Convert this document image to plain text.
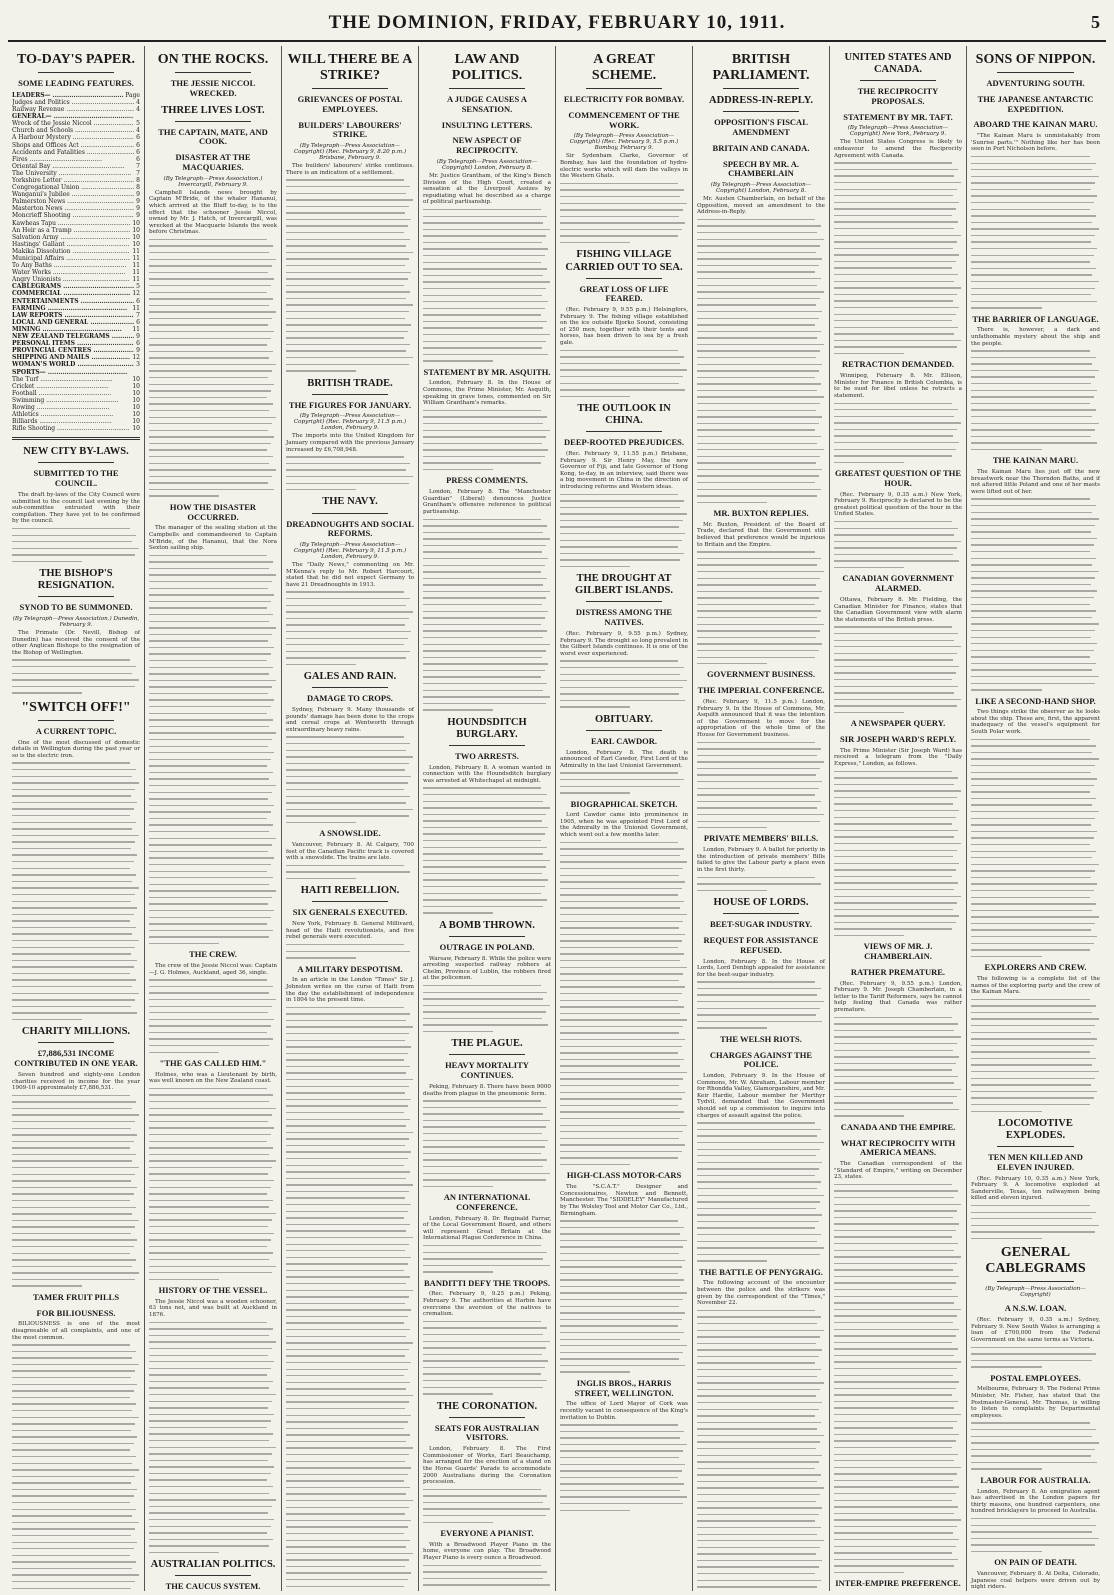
THE DOMINION, FRIDAY, FEBRUARY 10, 1911.	5
TO-DAY'S PAPER.
SOME LEADING FEATURES.
LEADERS— .....	Page
Judges and Politics .....	4
Railway Revenue .....	4
GENERAL— .....
Wreck of the Jessie Niccol .....	5
Church and Schools .....	4
A Harbour Mystery .....	6
Shops and Offices Act .....	6
Accidents and Fatalities .....	6
Fires .....	6
Oriental Bay .....	7
The University .....	7
Yorkshire Letter .....	8
Congregational Union .....	8
Wanganui's Jubilee .....	9
Palmerston News .....	9
Masterton News .....	9
Moncrieff Shooting .....	9
Kawheas Tapu .....	10
An Heir as a Tramp .....	10
Salvation Army .....	10
Hastings' Gallant .....	10
Makika Dissolution .....	11
Municipal Affairs .....	11
To Any Baths .....	11
Water Works .....	11
Angry Unionists .....	11
CABLEGRAMS .....	5
COMMERCIAL .....	12
ENTERTAINMENTS .....	6
FARMING .....	11
LAW REPORTS .....	7
LOCAL AND GENERAL .....	6
MINING .....	11
NEW ZEALAND TELEGRAMS .....	9
PERSONAL ITEMS .....	6
PROVINCIAL CENTRES .....	9
SHIPPING AND MAILS .....	12
WOMAN'S WORLD .....	3
SPORTS— .....
The Turf .....	10
Cricket .....	10
Football .....	10
Swimming .....	10
Rowing .....	10
Athletics .....	10
Billiards .....	10
Rifle Shooting .....	10
NEW CITY BY-LAWS.
SUBMITTED TO THE COUNCIL.

The draft by-laws of the City Council were submitted to the council last evening by the sub-committee entrusted with their compilation. They have yet to be confirmed by the council.

THE BISHOP'S RESIGNATION.
SYNOD TO BE SUMMONED.
(By Telegraph—Press Association.) Dunedin, February 9.

The Primate (Dr. Nevill, Bishop of Dunedin) has received the consent of the other Anglican Bishops to the resignation of the Bishop of Wellington.

"SWITCH OFF!"
A CURRENT TOPIC.

One of the most discussed of domestic details in Wellington during the past year or so is the electric iron.

CHARITY MILLIONS.
£7,886,531 INCOME CONTRIBUTED IN ONE YEAR.

Seven hundred and eighty-one London charities received in income for the year 1909-10 approximately £7,886,531.

TAMER FRUIT PILLS
FOR BILIOUSNESS.

BILIOUSNESS is one of the most disagreeable of all complaints, and one of the most common.

ON THE ROCKS.
THE JESSIE NICCOL WRECKED.
THREE LIVES LOST.
THE CAPTAIN, MATE, AND COOK.
DISASTER AT THE MACQUARIES.
(By Telegraph—Press Association.) Invercargill, February 9.

Campbell Islands news brought by Captain M'Bride, of the whaler Hananui, which arrived at the Bluff to-day, is to the effect that the schooner Jessie Niccol, owned by Mr. J. Hatch, of Invercargill, was wrecked at the Macquarie Islands the week before Christmas.

HOW THE DISASTER OCCURRED.

The manager of the sealing station at the Campbells and commandeered to Captain M'Bride, of the Hananui, that the Nora Sexton sailing ship.

THE CREW.

The crew of the Jessie Niccol was: Captain—J. G. Holmes, Auckland, aged 36, single.

"THE GAS CALLED HIM."

Holmes, who was a Lieutenant by birth, was well known on the New Zealand coast.

HISTORY OF THE VESSEL.

The Jessie Niccol was a wooden schooner, 63 tons net, and was built at Auckland in 1876.

AUSTRALIAN POLITICS.
THE CAUCUS SYSTEM.

WILL THERE BE A STRIKE?
GRIEVANCES OF POSTAL EMPLOYEES.
BUILDERS' LABOURERS' STRIKE.
(By Telegraph—Press Association—Copyright) (Rec. February 9, 8.20 p.m.) Brisbane, February 9.

The builders' labourers' strike continues. There is an indication of a settlement.

BRITISH TRADE.
THE FIGURES FOR JANUARY.
(By Telegraph—Press Association—Copyright) (Rec. February 9, 11.5 p.m.) London, February 9.

The imports into the United Kingdom for January compared with the previous January increased by £6,708,948.

THE NAVY.
DREADNOUGHTS AND SOCIAL REFORMS.
(By Telegraph—Press Association—Copyright) (Rec. February 9, 11.5 p.m.) London, February 9.

The "Daily News," commenting on Mr. M'Kenna's reply to Mr. Robert Harcourt, stated that he did not expect Germany to have 21 Dreadnoughts in 1913.

GALES AND RAIN.
DAMAGE TO CROPS.

Sydney, February 9. Many thousands of pounds' damage has been done to the crops and cereal crops at Wentworth through extraordinary heavy rains.

A SNOWSLIDE.

Vancouver, February 8. At Calgary, 700 feet of the Canadian Pacific track is covered with a snowslide. The trains are late.

HAITI REBELLION.
SIX GENERALS EXECUTED.

New York, February 8. General Millivard, head of the Haiti revolutionists, and five rebel generals were executed.

A MILITARY DESPOTISM.

In an article in the London "Times" Sir J. Johnston writes on the curse of Haiti from the day the establishment of independence in 1804 to the present time.

LAW AND POLITICS.
A JUDGE CAUSES A SENSATION.
INSULTING LETTERS.
NEW ASPECT OF RECIPROCITY.
(By Telegraph—Press Association—Copyright) London, February 8.

Mr. Justice Grantham, of the King's Bench Division of the High Court, created a sensation at the Liverpool Assizes by repudiating what he described as a charge of political partisanship.

STATEMENT BY MR. ASQUITH.

London, February 8. In the House of Commons, the Prime Minister, Mr. Asquith, speaking in grave tones, commented on Sir William Grantham's remarks.

PRESS COMMENTS.

London, February 8. The "Manchester Guardian" (Liberal) denounces Justice Grantham's offensive reference to political partisanship.

HOUNDSDITCH BURGLARY.
TWO ARRESTS.

London, February 8. A woman wanted in connection with the Houndsditch burglary was arrested at Whitechapel at midnight.

A BOMB THROWN.
OUTRAGE IN POLAND.

Warsaw, February 8. While the police were arresting suspected railway robbers at Chelm, Province of Lublin, the robbers fired at the policemen.

THE PLAGUE.
HEAVY MORTALITY CONTINUES.

Peking, February 8. There have been 9000 deaths from plague in the pneumonic form.

AN INTERNATIONAL CONFERENCE.

London, February 8. Dr. Reginald Farrar, of the Local Government Board, and others will represent Great Britain at the International Plague Conference in China.

BANDITTI DEFY THE TROOPS.

(Rec. February 9, 9.25 p.m.) Peking, February 9. The authorities at Harbin have overcome the aversion of the natives to cremation.

THE CORONATION.
SEATS FOR AUSTRALIAN VISITORS.

London, February 8. The First Commissioner of Works, Earl Beauchamp, has arranged for the erection of a stand on the Horse Guards' Parade to accommodate 2000 Australians during the Coronation procession.

EVERYONE A PIANIST.

With a Broadwood Player Piano in the home, everyone can play. The Broadwood Player Piano is every ounce a Broadwood.

A GREAT SCHEME.
ELECTRICITY FOR BOMBAY.
COMMENCEMENT OF THE WORK.
(By Telegraph—Press Association—Copyright) (Rec. February 9, 5.5 p.m.) Bombay, February 9.

Sir Sydenham Clarke, Governor of Bombay, has laid the foundation of hydro-electric works which will dam the valleys in the Western Ghats.

FISHING VILLAGE CARRIED OUT TO SEA.
GREAT LOSS OF LIFE FEARED.

(Rec. February 9, 9.55 p.m.) Helsingfors, February 9. The fishing village established on the ice outside Bjorko Sound, consisting of 250 men, together with their tents and horses, has been driven to sea by a fresh gale.

THE OUTLOOK IN CHINA.
DEEP-ROOTED PREJUDICES.

(Rec. February 9, 11.55 p.m.) Brisbane, February 9. Sir Henry May, the new Governor of Fiji, and late Governor of Hong Kong, to-day, in an interview, said there was a big movement in China in the direction of introducing reforms and Western ideas.

THE DROUGHT AT GILBERT ISLANDS.
DISTRESS AMONG THE NATIVES.

(Rec. February 9, 9.55 p.m.) Sydney, February 9. The drought so long prevalent in the Gilbert Islands continues. It is one of the worst ever experienced.

OBITUARY.
EARL CAWDOR.

London, February 8. The death is announced of Earl Cawdor, First Lord of the Admiralty in the last Unionist Government.

BIOGRAPHICAL SKETCH.

Lord Cawdor came into prominence in 1905, when he was appointed First Lord of the Admiralty in the Unionist Government, which went out a few months later.

HIGH-CLASS MOTOR-CARS

The "S.C.A.T." Designer and Concessionaires, Newton and Bennett, Manchester. The "SIDDELEY" Manufactured by The Wolsley Tool and Motor Car Co., Ltd., Birmingham.

INGLIS BROS., HARRIS STREET, WELLINGTON.

The office of Lord Mayor of Cork was recently vacant in consequence of the King's invitation to Dublin.

BRITISH PARLIAMENT.
ADDRESS-IN-REPLY.
OPPOSITION'S FISCAL AMENDMENT
BRITAIN AND CANADA.
SPEECH BY MR. A. CHAMBERLAIN
(By Telegraph—Press Association—Copyright) London, February 8.

Mr. Austen Chamberlain, on behalf of the Opposition, moved an amendment to the Address-in-Reply.

MR. BUXTON REPLIES.

Mr. Buxton, President of the Board of Trade, declared that the Government still believed that preference would be injurious to Britain and the Empire.

GOVERNMENT BUSINESS.
THE IMPERIAL CONFERENCE.

(Rec. February 9, 11.5 p.m.) London, February 9. In the House of Commons, Mr. Asquith announced that it was the intention of the Government to move for the appropriation of the whole time of the House for Government business.

PRIVATE MEMBERS' BILLS.

London, February 9. A ballot for priority in the introduction of private members' Bills failed to give the Labour party a place even in the first thirty.

HOUSE OF LORDS.
BEET-SUGAR INDUSTRY.
REQUEST FOR ASSISTANCE REFUSED.

London, February 8. In the House of Lords, Lord Denbigh appealed for assistance for the beet-sugar industry.

THE WELSH RIOTS.
CHARGES AGAINST THE POLICE.

London, February 9. In the House of Commons, Mr. W. Abraham, Labour member for Rhondda Valley, Glamorganshire, and Mr. Keir Hardie, Labour member for Merthyr Tydvil, demanded that the Government should set up a commission to inquire into charges of assault against the police.

THE BATTLE OF PENYGRAIG.

The following account of the encounter between the police and the strikers was given by the correspondent of the "Times," November 22.

UNITED STATES AND CANADA.
THE RECIPROCITY PROPOSALS.
STATEMENT BY MR. TAFT.
(By Telegraph—Press Association—Copyright) New York, February 9.

The United States Congress is likely to endeavour to amend the Reciprocity Agreement with Canada.

RETRACTION DEMANDED.

Winnipeg, February 8. Mr. Ellison, Minister for Finance in British Columbia, is to be sued for libel unless he retracts a statement.

GREATEST QUESTION OF THE HOUR.

(Rec. February 9, 0.35 a.m.) New York, February 9. Reciprocity is declared to be the greatest political question of the hour in the United States.

CANADIAN GOVERNMENT ALARMED.

Ottawa, February 8. Mr. Fielding, the Canadian Minister for Finance, states that the Canadian Government view with alarm the statements of the British press.

A NEWSPAPER QUERY.
SIR JOSEPH WARD'S REPLY.

The Prime Minister (Sir Joseph Ward) has received a telegram from the "Daily Express," London, as follows.

VIEWS OF MR. J. CHAMBERLAIN.
RATHER PREMATURE.

(Rec. February 9, 9.55 p.m.) London, February 9. Mr. Joseph Chamberlain, in a letter to the Tariff Reformers, says he cannot help feeling that Canada was rather premature.

CANADA AND THE EMPIRE.
WHAT RECIPROCITY WITH AMERICA MEANS.

The Canadian correspondent of the "Standard of Empire," writing on December 23, states.

INTER-EMPIRE PREFERENCE.

SONS OF NIPPON.
ADVENTURING SOUTH.
THE JAPANESE ANTARCTIC EXPEDITION.
ABOARD THE KAINAN MARU.

"The Kainan Maru is unmistakably from 'Sunrise parts.'" Nothing like her has been seen in Port Nicholson before.

THE BARRIER OF LANGUAGE.

There is, however, a dark and unfathomable mystery about the ship and the people.

THE KAINAN MARU.

The Kainan Maru lies just off the new breastwork near the Thorndon Baths, and if not altered little Poland and one of her masts were lifted out of her.

LIKE A SECOND-HAND SHOP.

Two things strike the observer as he looks about the ship. These are, first, the apparent inadequacy of the vessel's equipment for South Polar work.

EXPLORERS AND CREW.

The following is a complete list of the names of the exploring party and the crew of the Kainan Maru.

LOCOMOTIVE EXPLODES.
TEN MEN KILLED AND ELEVEN INJURED.

(Rec. February 10, 0.35 a.m.) New York, February 9. A locomotive exploded at Sanderville, Texas, ten railwaymen being killed and eleven injured.

GENERAL CABLEGRAMS
(By Telegraph—Press Association—Copyright)
A N.S.W. LOAN.

(Rec. February 9, 0.35 a.m.) Sydney, February 9. New South Wales is arranging a loan of £700,000 from the Federal Government on the same terms as Victoria.

POSTAL EMPLOYEES.

Melbourne, February 9. The Federal Prime Minister, Mr. Fisher, has stated that the Postmaster-General, Mr. Thomas, is willing to listen to complaints by Departmental employees.

LABOUR FOR AUSTRALIA.

London, February 8. An emigration agent has advertised in the London papers for thirty masons, one hundred carpenters, one hundred bricklayers to proceed to Australia.

ON PAIN OF DEATH.

Vancouver, February 8. At Delta, Colorado, Japanese coal helpers were driven out by night riders.
